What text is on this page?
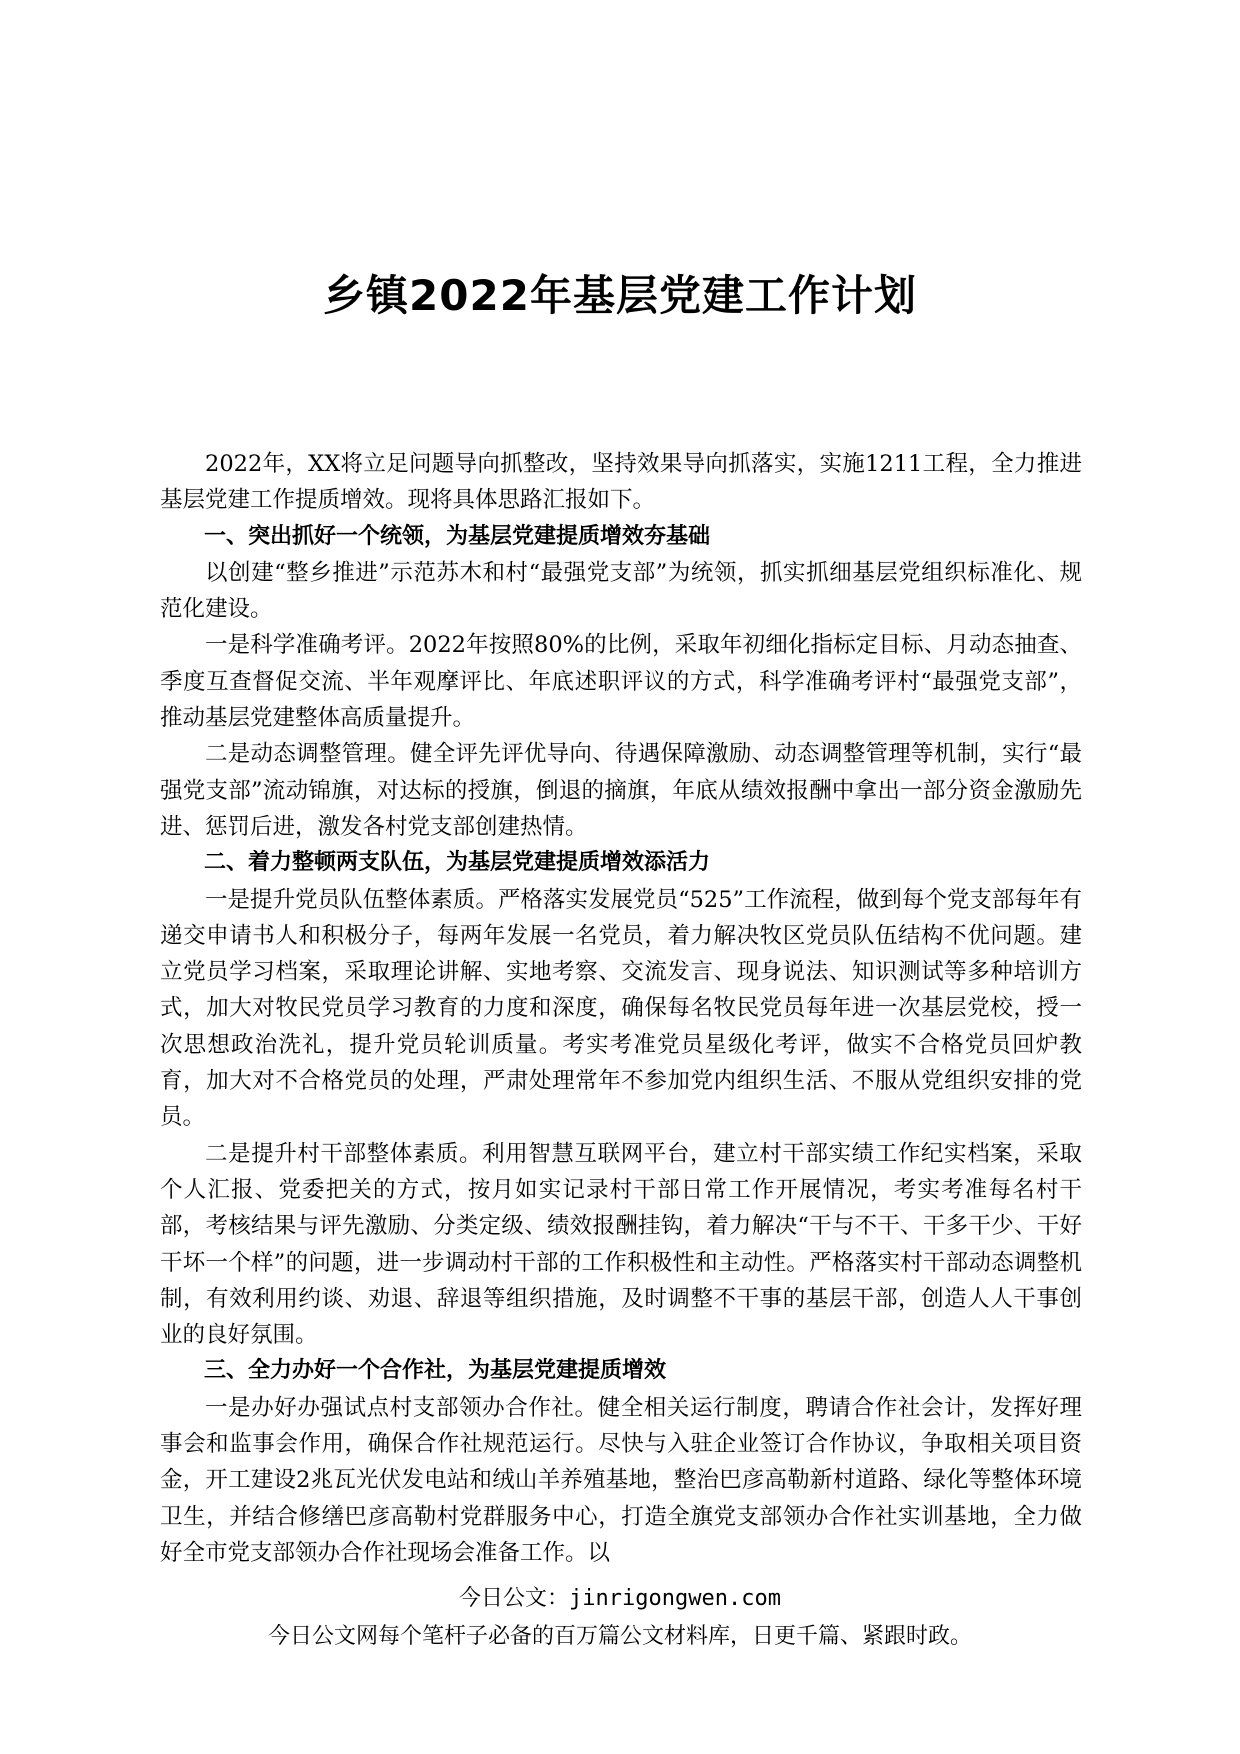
乡镇2022年基层党建工作计划

2022年，XX将立足问题导向抓整改，坚持效果导向抓落实，实施1211工程，全力推进基层党建工作提质增效。现将具体思路汇报如下。

一、突出抓好一个统领，为基层党建提质增效夯基础

以创建“整乡推进”示范苏木和村“最强党支部”为统领，抓实抓细基层党组织标准化、规范化建设。

一是科学准确考评。2022年按照80%的比例，采取年初细化指标定目标、月动态抽查、季度互查督促交流、半年观摩评比、年底述职评议的方式，科学准确考评村“最强党支部”，推动基层党建整体高质量提升。

二是动态调整管理。健全评先评优导向、待遇保障激励、动态调整管理等机制，实行“最强党支部”流动锦旗，对达标的授旗，倒退的摘旗，年底从绩效报酬中拿出一部分资金激励先进、惩罚后进，激发各村党支部创建热情。

二、着力整顿两支队伍，为基层党建提质增效添活力

一是提升党员队伍整体素质。严格落实发展党员“525”工作流程，做到每个党支部每年有递交申请书人和积极分子，每两年发展一名党员，着力解决牧区党员队伍结构不优问题。建立党员学习档案，采取理论讲解、实地考察、交流发言、现身说法、知识测试等多种培训方式，加大对牧民党员学习教育的力度和深度，确保每名牧民党员每年进一次基层党校，授一次思想政治洗礼，提升党员轮训质量。考实考准党员星级化考评，做实不合格党员回炉教育，加大对不合格党员的处理，严肃处理常年不参加党内组织生活、不服从党组织安排的党员。

二是提升村干部整体素质。利用智慧互联网平台，建立村干部实绩工作纪实档案，采取个人汇报、党委把关的方式，按月如实记录村干部日常工作开展情况，考实考准每名村干部，考核结果与评先激励、分类定级、绩效报酬挂钩，着力解决“干与不干、干多干少、干好干坏一个样”的问题，进一步调动村干部的工作积极性和主动性。严格落实村干部动态调整机制，有效利用约谈、劝退、辞退等组织措施，及时调整不干事的基层干部，创造人人干事创业的良好氛围。

三、全力办好一个合作社，为基层党建提质增效

一是办好办强试点村支部领办合作社。健全相关运行制度，聘请合作社会计，发挥好理事会和监事会作用，确保合作社规范运行。尽快与入驻企业签订合作协议，争取相关项目资金，开工建设2兆瓦光伏发电站和绒山羊养殖基地，整治巴彦高勒新村道路、绿化等整体环境卫生，并结合修缮巴彦高勒村党群服务中心，打造全旗党支部领办合作社实训基地，全力做好全市党支部领办合作社现场会准备工作。以

今日公文：jinrigongwen.com
今日公文网每个笔杆子必备的百万篇公文材料库，日更千篇、紧跟时政。
